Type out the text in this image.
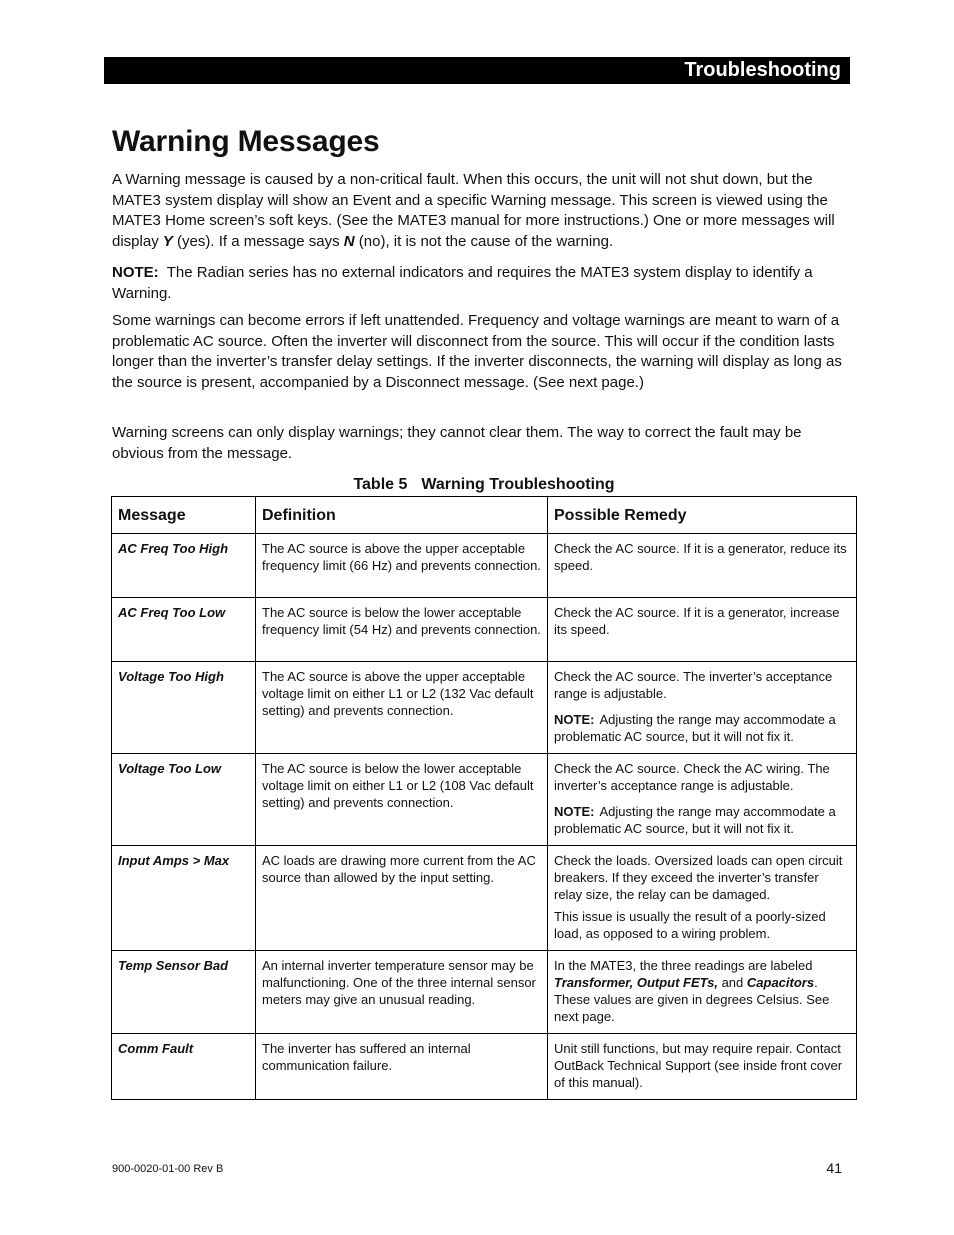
Troubleshooting
Warning Messages

A Warning message is caused by a non-critical fault. When this occurs, the unit will not shut down, but the MATE3 system display will show an Event and a specific Warning message. This screen is viewed using the MATE3 Home screen’s soft keys. (See the MATE3 manual for more instructions.) One or more messages will display Y (yes). If a message says N (no), it is not the cause of the warning.

NOTE:  The Radian series has no external indicators and requires the MATE3 system display to identify a Warning.

Some warnings can become errors if left unattended. Frequency and voltage warnings are meant to warn of a problematic AC source. Often the inverter will disconnect from the source. This will occur if the condition lasts longer than the inverter’s transfer delay settings. If the inverter disconnects, the warning will display as long as the source is present, accompanied by a Disconnect message. (See next page.)

Warning screens can only display warnings; they cannot clear them. The way to correct the fault may be obvious from the message.

Table 5 Warning Troubleshooting
Message	Definition	Possible Remedy
AC Freq Too High	The AC source is above the upper acceptable frequency limit (66 Hz) and prevents connection.	Check the AC source. If it is a generator, reduce its speed.
AC Freq Too Low	The AC source is below the lower acceptable frequency limit (54 Hz) and prevents connection.	Check the AC source. If it is a generator, increase its speed.
Voltage Too High	The AC source is above the upper acceptable voltage limit on either L1 or L2 (132 Vac default setting) and prevents connection.	Check the AC source. The inverter’s acceptance range is adjustable.

NOTE: Adjusting the range may accommodate a problematic AC source, but it will not fix it.

Voltage Too Low	The AC source is below the lower acceptable voltage limit on either L1 or L2 (108 Vac default setting) and prevents connection.	Check the AC source. Check the AC wiring. The inverter’s acceptance range is adjustable.

NOTE: Adjusting the range may accommodate a problematic AC source, but it will not fix it.

Input Amps > Max	AC loads are drawing more current from the AC source than allowed by the input setting.	Check the loads. Oversized loads can open circuit breakers. If they exceed the inverter’s transfer relay size, the relay can be damaged.

This issue is usually the result of a poorly-sized load, as opposed to a wiring problem.

Temp Sensor Bad	An internal inverter temperature sensor may be malfunctioning. One of the three internal sensor meters may give an unusual reading.	In the MATE3, the three readings are labeled Transformer, Output FETs, and Capacitors. These values are given in degrees Celsius. See next page.
Comm Fault	The inverter has suffered an internal communication failure.	Unit still functions, but may require repair. Contact OutBack Technical Support (see inside front cover of this manual).
900-0020-01-00 Rev B	41
